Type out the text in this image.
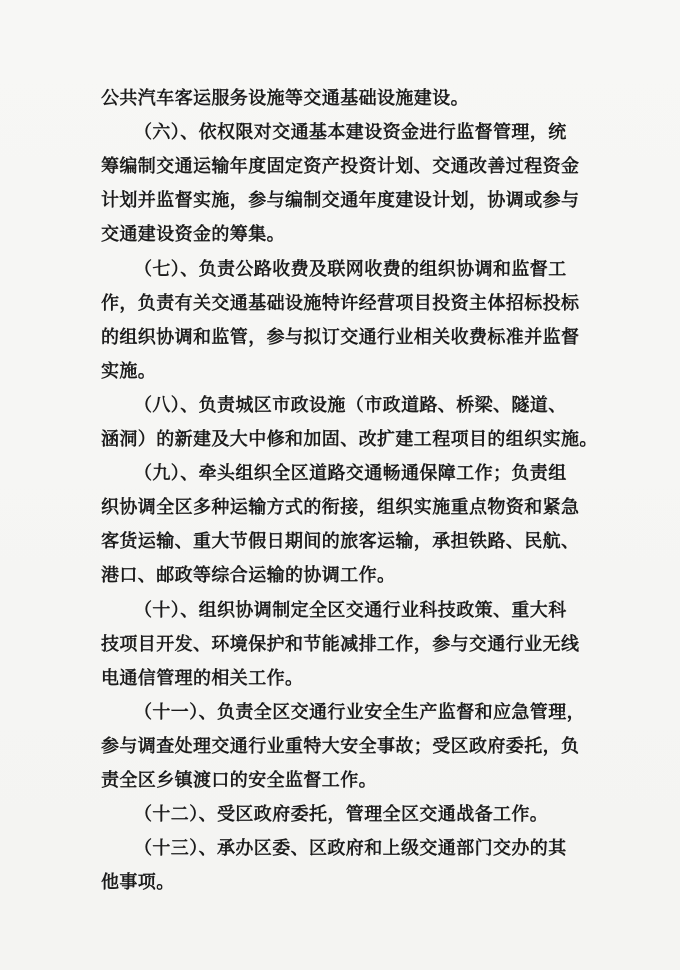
公共汽车客运服务设施等交通基础设施建设。

（六）、依权限对交通基本建设资金进行监督管理，统

筹编制交通运输年度固定资产投资计划、交通改善过程资金

计划并监督实施，参与编制交通年度建设计划，协调或参与

交通建设资金的筹集。

（七）、负责公路收费及联网收费的组织协调和监督工

作，负责有关交通基础设施特许经营项目投资主体招标投标

的组织协调和监管，参与拟订交通行业相关收费标准并监督

实施。

（八）、负责城区市政设施（市政道路、桥梁、隧道、

涵洞）的新建及大中修和加固、改扩建工程项目的组织实施。

（九）、牵头组织全区道路交通畅通保障工作；负责组

织协调全区多种运输方式的衔接，组织实施重点物资和紧急

客货运输、重大节假日期间的旅客运输，承担铁路、民航、

港口、邮政等综合运输的协调工作。

（十）、组织协调制定全区交通行业科技政策、重大科

技项目开发、环境保护和节能减排工作，参与交通行业无线

电通信管理的相关工作。

（十一）、负责全区交通行业安全生产监督和应急管理，

参与调查处理交通行业重特大安全事故；受区政府委托，负

责全区乡镇渡口的安全监督工作。

（十二）、受区政府委托，管理全区交通战备工作。

（十三）、承办区委、区政府和上级交通部门交办的其

他事项。
